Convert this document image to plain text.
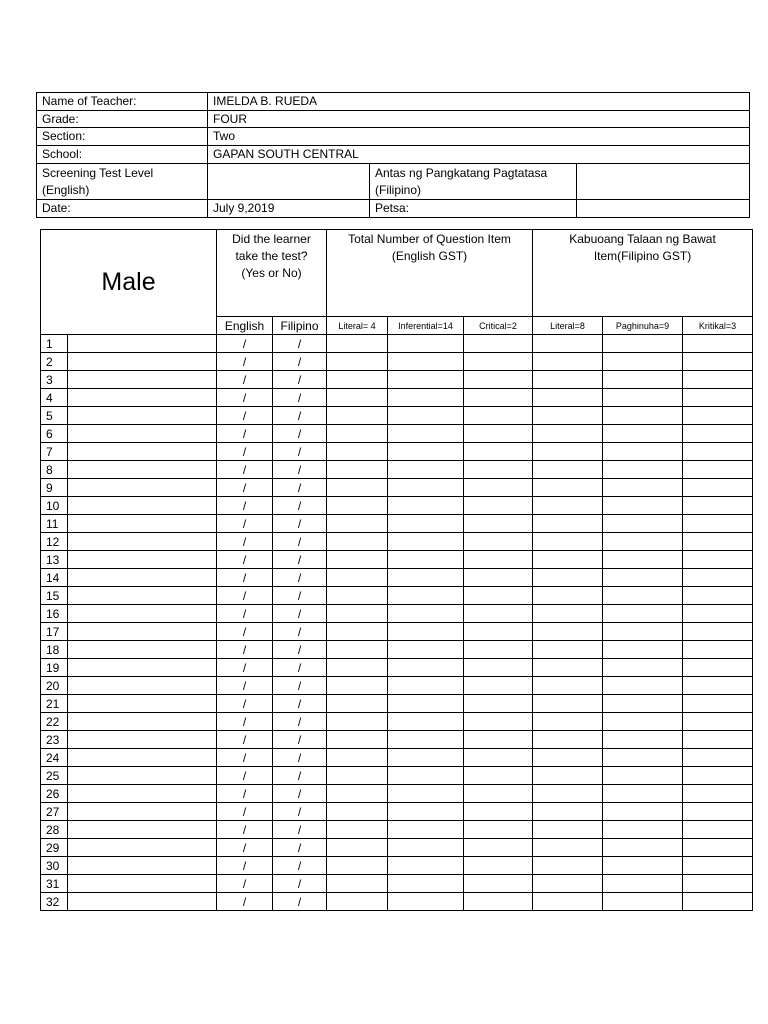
Name of Teacher:	IMELDA B. RUEDA		
Grade:	FOUR		
Section:	Two		
School:	GAPAN SOUTH CENTRAL		

Screening Test Level
(English)		Antas ng Pangkatang Pagtatasa
(Filipino)	

Date:	July 9,2019	Petsa:	
Male		Did the learner
take the test?
(Yes or No)		Total Number of Question Item
(English GST)			Kabuoang Talaan ng Bawat
Item(Filipino GST)		

		English	Filipino	Literal= 4	Inferential=14	Critical=2	Literal=8	Paghinuha=9	Kritikal=3
1		/	/						
2		/	/						
3		/	/						
4		/	/						
5		/	/						
6		/	/						
7		/	/						
8		/	/						
9		/	/						
10		/	/						
11		/	/						
12		/	/						
13		/	/						
14		/	/						
15		/	/						
16		/	/						
17		/	/						
18		/	/						
19		/	/						
20		/	/						
21		/	/						
22		/	/						
23		/	/						
24		/	/						
25		/	/						
26		/	/						
27		/	/						
28		/	/						
29		/	/						
30		/	/						
31		/	/						
32		/	/						
